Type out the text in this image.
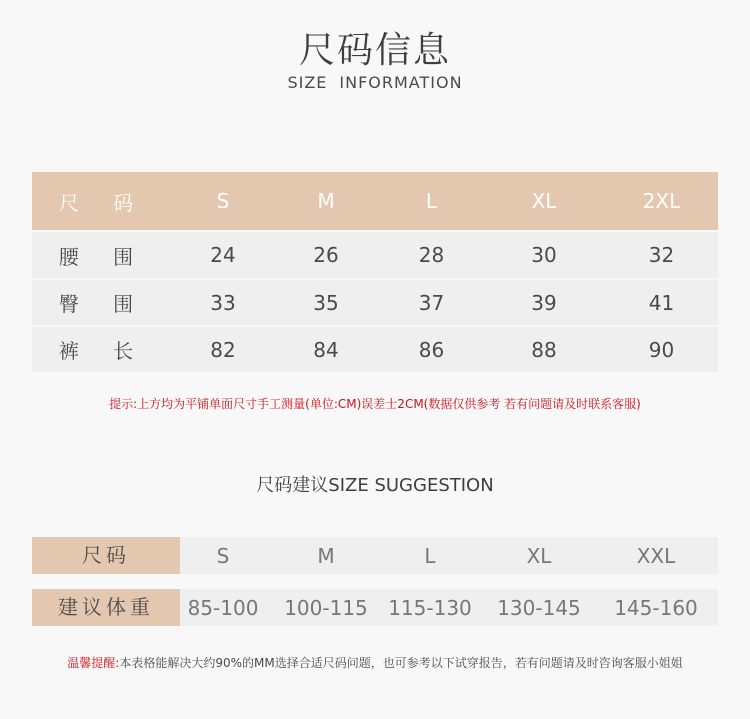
尺码信息
SIZE INFORMATION
尺 码	S	M	L	XL	2XL
腰 围	24	26	28	30	32
臀 围	33	35	37	39	41
裤 长	82	84	86	88	90
提示:上方均为平铺单面尺寸手工测量(单位:CM)误差士2CM(数据仅供参考 若有问题请及时联系客服)
尺码建议SIZE SUGGESTION
尺码	S	M	L	XL	XXL
建议体重	85-100	100-115	115-130	130-145	145-160
温馨提醒:本表格能解决大约90%的MM选择合适尺码问题，也可参考以下试穿报告，若有问题请及时咨询客服小姐姐
